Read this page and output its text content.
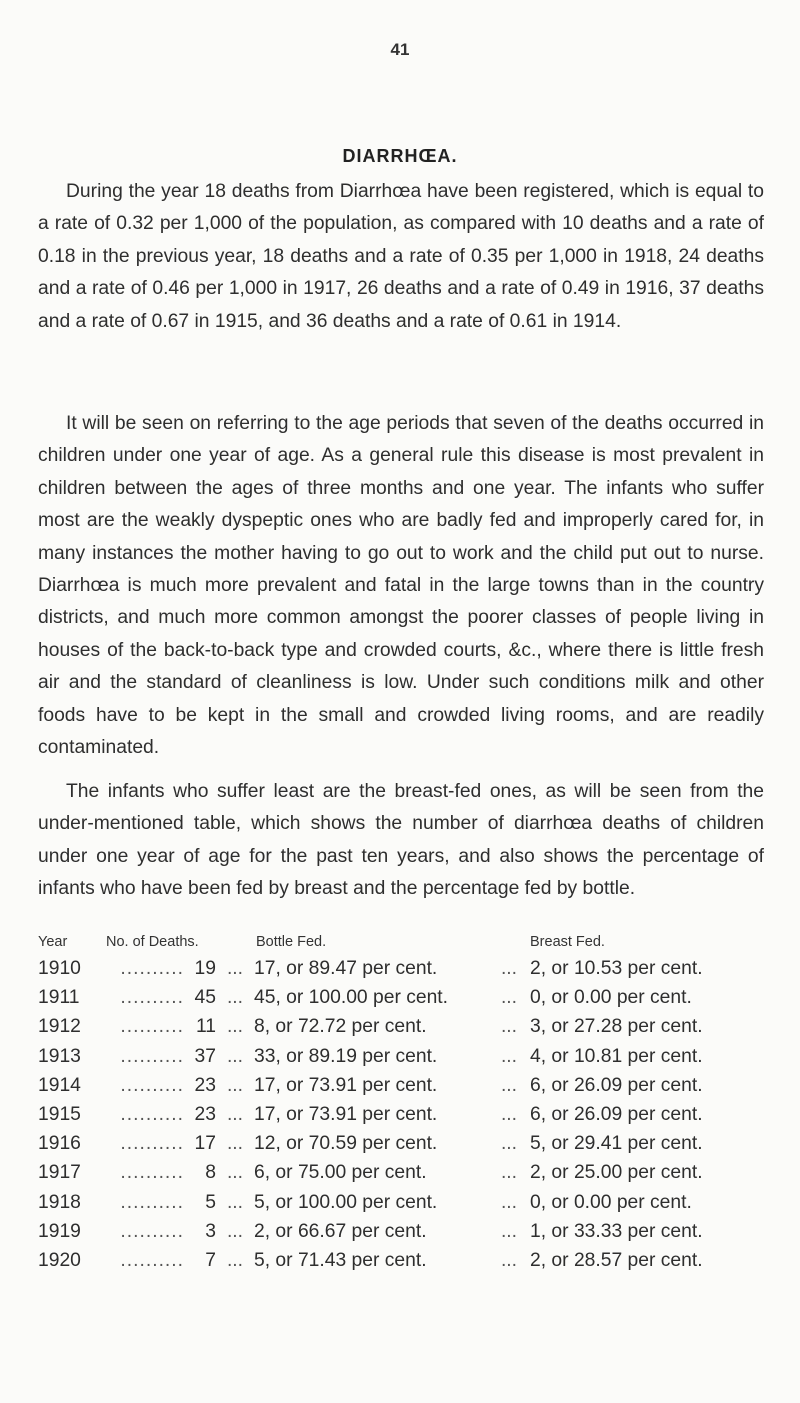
41
DIARRHŒA.

During the year 18 deaths from Diarrhœa have been registered, which is equal to a rate of 0.32 per 1,000 of the population, as compared with 10 deaths and a rate of 0.18 in the previous year, 18 deaths and a rate of 0.35 per 1,000 in 1918, 24 deaths and a rate of 0.46 per 1,000 in 1917, 26 deaths and a rate of 0.49 in 1916, 37 deaths and a rate of 0.67 in 1915, and 36 deaths and a rate of 0.61 in 1914.

It will be seen on referring to the age periods that seven of the deaths occurred in children under one year of age. As a general rule this disease is most prevalent in children between the ages of three months and one year. The infants who suffer most are the weakly dyspeptic ones who are badly fed and improperly cared for, in many instances the mother having to go out to work and the child put out to nurse. Diarrhœa is much more prevalent and fatal in the large towns than in the country districts, and much more common amongst the poorer classes of people living in houses of the back-to-back type and crowded courts, &c., where there is little fresh air and the standard of cleanliness is low. Under such conditions milk and other foods have to be kept in the small and crowded living rooms, and are readily contaminated.

The infants who suffer least are the breast-fed ones, as will be seen from the under-mentioned table, which shows the number of diarrhœa deaths of children under one year of age for the past ten years, and also shows the percentage of infants who have been fed by breast and the percentage fed by bottle.

Year	No. of Deaths.	Bottle Fed.	Breast Fed.
1910	.......... 19 ... 17, or 89.47 per cent.	... 2, or 10.53 per cent.
1911	.......... 45 ... 45, or 100.00 per cent.	... 0, or 0.00 per cent.
1912	.......... 11 ... 8, or 72.72 per cent.	... 3, or 27.28 per cent.
1913	.......... 37 ... 33, or 89.19 per cent.	... 4, or 10.81 per cent.
1914	.......... 23 ... 17, or 73.91 per cent.	... 6, or 26.09 per cent.
1915	.......... 23 ... 17, or 73.91 per cent.	... 6, or 26.09 per cent.
1916	.......... 17 ... 12, or 70.59 per cent.	... 5, or 29.41 per cent.
1917	..........	8 ... 6, or 75.00 per cent.	... 2, or 25.00 per cent.
1918	..........	5 ... 5, or 100.00 per cent.	... 0, or 0.00 per cent.
1919	..........	3 ... 2, or 66.67 per cent.	... 1, or 33.33 per cent.
1920	..........	7 ... 5, or 71.43 per cent.	... 2, or 28.57 per cent.
